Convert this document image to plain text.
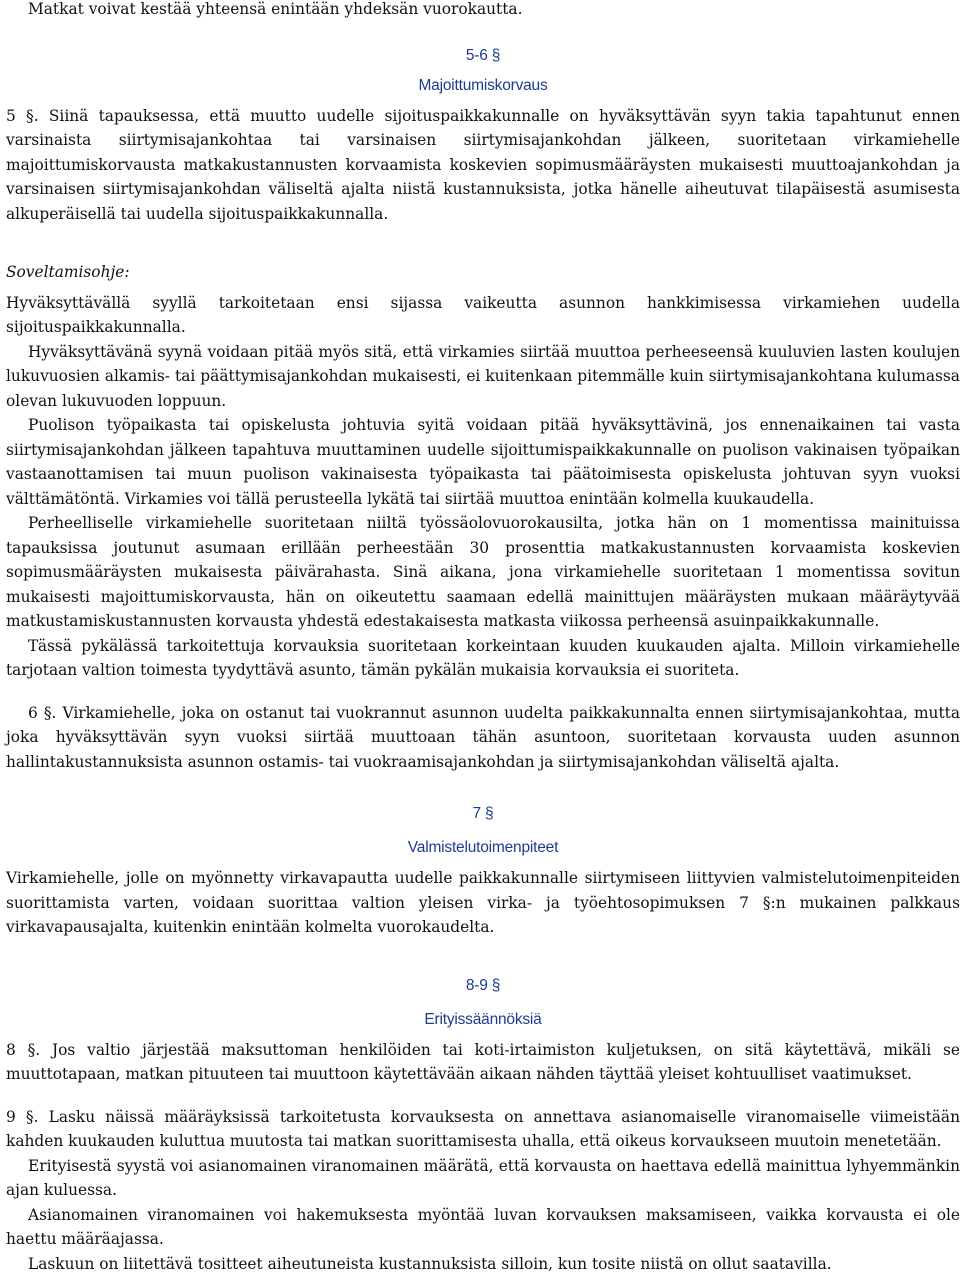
Matkat voivat kestää yhteensä enintään yhdeksän vuorokautta.

5-6 §

Majoittumiskorvaus

5 §. Siinä tapauksessa, että muutto uudelle sijoituspaikkakunnalle on hyväksyttävän syyn takia tapahtunut ennen varsinaista siirtymisajankohtaa tai varsinaisen siirtymisajankohdan jälkeen, suoritetaan virkamiehelle majoittumiskorvausta matkakustannusten korvaamista koskevien sopimusmääräysten mukaisesti muuttoajankohdan ja varsinaisen siirtymisajankohdan väliseltä ajalta niistä kustannuksista, jotka hänelle aiheutuvat tilapäisestä asumisesta alkuperäisellä tai uudella sijoituspaikkakunnalla.

Soveltamisohje:

Hyväksyttävällä syyllä tarkoitetaan ensi sijassa vaikeutta asunnon hankkimisessa virkamiehen uudella sijoituspaikkakunnalla.

Hyväksyttävänä syynä voidaan pitää myös sitä, että virkamies siirtää muuttoa perheeseensä kuuluvien lasten koulujen lukuvuosien alkamis- tai päättymisajankohdan mukaisesti, ei kuitenkaan pitemmälle kuin siirtymisajankohtana kulumassa olevan lukuvuoden loppuun.

Puolison työpaikasta tai opiskelusta johtuvia syitä voidaan pitää hyväksyttävinä, jos ennenaikainen tai vasta siirtymisajankohdan jälkeen tapahtuva muuttaminen uudelle sijoittumispaikkakunnalle on puolison vakinaisen työpaikan vastaanottamisen tai muun puolison vakinaisesta työpaikasta tai päätoimisesta opiskelusta johtuvan syyn vuoksi välttämätöntä. Virkamies voi tällä perusteella lykätä tai siirtää muuttoa enintään kolmella kuukaudella.

Perheelliselle virkamiehelle suoritetaan niiltä työssäolovuorokausilta, jotka hän on 1 momentissa mainituissa tapauksissa joutunut asumaan erillään perheestään 30 prosenttia matkakustannusten korvaamista koskevien sopimusmääräysten mukaisesta päivärahasta. Sinä aikana, jona virkamiehelle suoritetaan 1 momentissa sovitun mukaisesti majoittumiskorvausta, hän on oikeutettu saamaan edellä mainittujen määräysten mukaan määräytyvää matkustamiskustannusten korvausta yhdestä edestakaisesta matkasta viikossa perheensä asuinpaikkakunnalle.

Tässä pykälässä tarkoitettuja korvauksia suoritetaan korkeintaan kuuden kuukauden ajalta. Milloin virkamiehelle tarjotaan valtion toimesta tyydyttävä asunto, tämän pykälän mukaisia korvauksia ei suoriteta.

6 §. Virkamiehelle, joka on ostanut tai vuokrannut asunnon uudelta paikkakunnalta ennen siirtymisajankohtaa, mutta joka hyväksyttävän syyn vuoksi siirtää muuttoaan tähän asuntoon, suoritetaan korvausta uuden asunnon hallintakustannuksista asunnon ostamis- tai vuokraamisajankohdan ja siirtymisajankohdan väliseltä ajalta.

7 §

Valmistelutoimenpiteet

Virkamiehelle, jolle on myönnetty virkavapautta uudelle paikkakunnalle siirtymiseen liittyvien valmistelutoimenpiteiden suorittamista varten, voidaan suorittaa valtion yleisen virka- ja työehtosopimuksen 7 §:n mukainen palkkaus virkavapausajalta, kuitenkin enintään kolmelta vuorokaudelta.

8-9 §

Erityissäännöksiä

8 §. Jos valtio järjestää maksuttoman henkilöiden tai koti-irtaimiston kuljetuksen, on sitä käytettävä, mikäli se muuttotapaan, matkan pituuteen tai muuttoon käytettävään aikaan nähden täyttää yleiset kohtuulliset vaatimukset.

9 §. Lasku näissä määräyksissä tarkoitetusta korvauksesta on annettava asianomaiselle viranomaiselle viimeistään kahden kuukauden kuluttua muutosta tai matkan suorittamisesta uhalla, että oikeus korvaukseen muutoin menetetään.

Erityisestä syystä voi asianomainen viranomainen määrätä, että korvausta on haettava edellä mainittua lyhyemmänkin ajan kuluessa.

Asianomainen viranomainen voi hakemuksesta myöntää luvan korvauksen maksamiseen, vaikka korvausta ei ole haettu määräajassa.

Laskuun on liitettävä tositteet aiheutuneista kustannuksista silloin, kun tosite niistä on ollut saatavilla.
